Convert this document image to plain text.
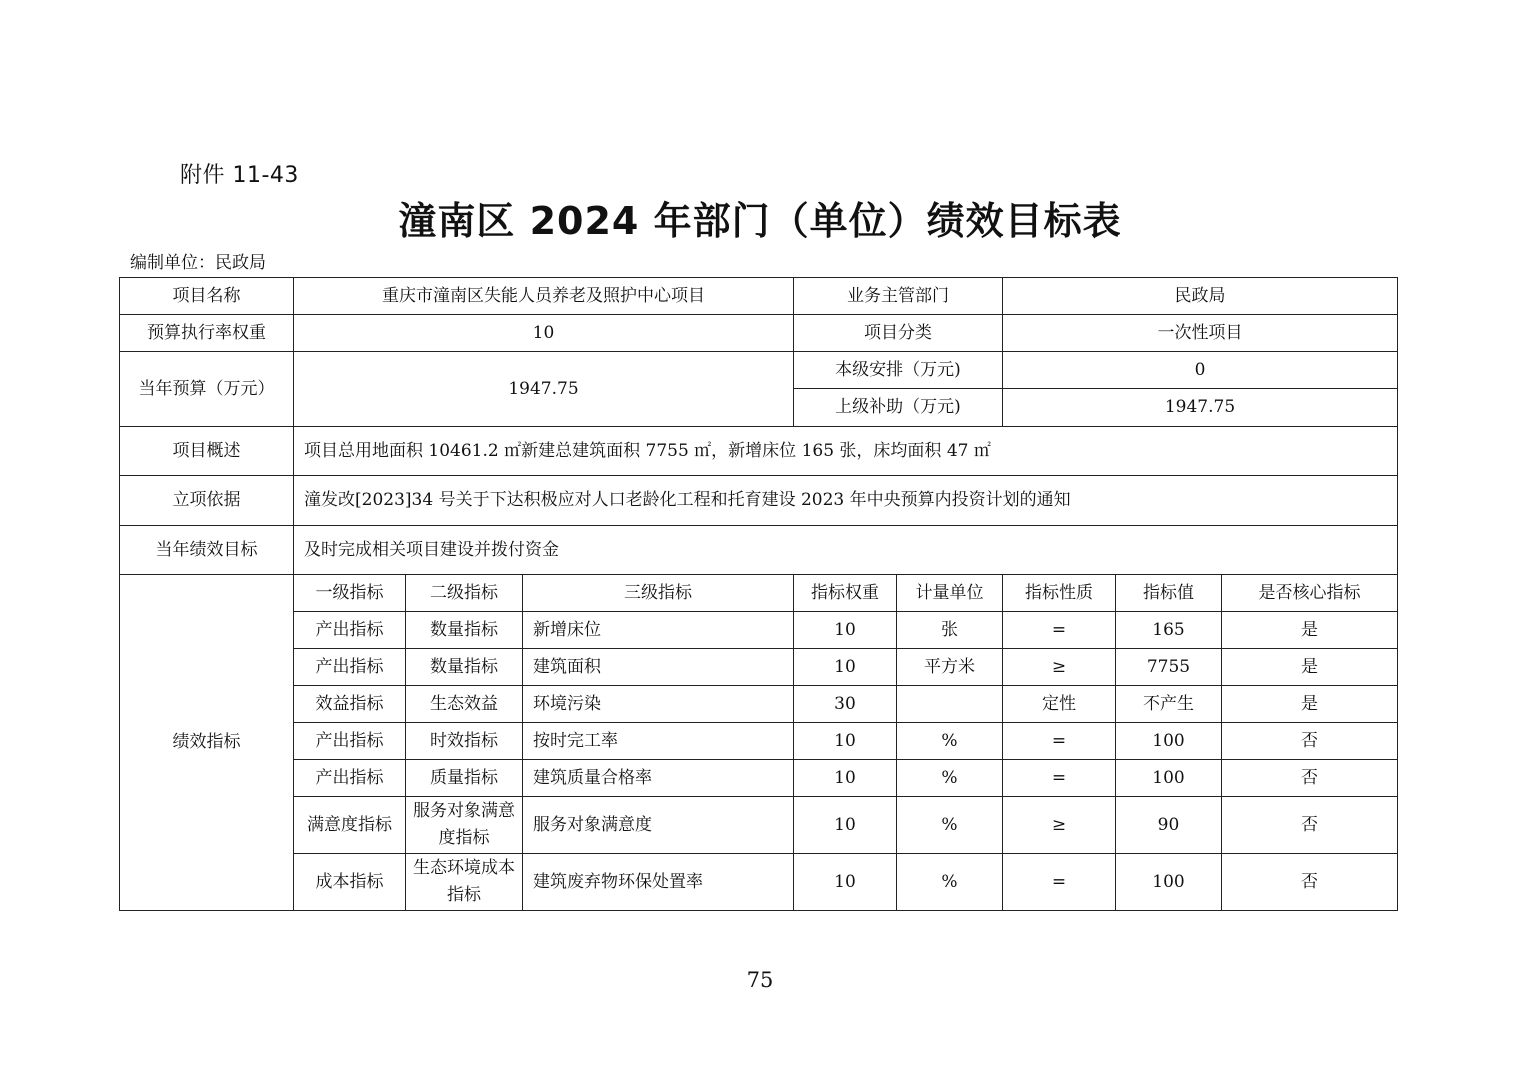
附件 11-43
潼南区 2024 年部门（单位）绩效目标表
编制单位：民政局
项目名称	重庆市潼南区失能人员养老及照护中心项目			业务主管部门		民政局		
预算执行率权重	10			项目分类		一次性项目		
当年预算（万元）	1947.75			本级安排（万元)		0		
				上级补助（万元)		1947.75		
项目概述	项目总用地面积 10461.2 ㎡新建总建筑面积 7755 ㎡，新增床位 165 张，床均面积 47 ㎡							
立项依据	潼发改[2023]34 号关于下达积极应对人口老龄化工程和托育建设 2023 年中央预算内投资计划的通知							
当年绩效目标	及时完成相关项目建设并拨付资金							
绩效指标	一级指标	二级指标	三级指标	指标权重	计量单位	指标性质	指标值	是否核心指标
	产出指标	数量指标	新增床位	10	张	=	165	是
	产出指标	数量指标	建筑面积	10	平方米	≥	7755	是
	效益指标	生态效益	环境污染	30		定性	不产生	是
	产出指标	时效指标	按时完工率	10	%	=	100	否
	产出指标	质量指标	建筑质量合格率	10	%	=	100	否
	满意度指标	服务对象满意度指标	服务对象满意度	10	%	≥	90	否
	成本指标	生态环境成本指标	建筑废弃物环保处置率	10	%	=	100	否
75
